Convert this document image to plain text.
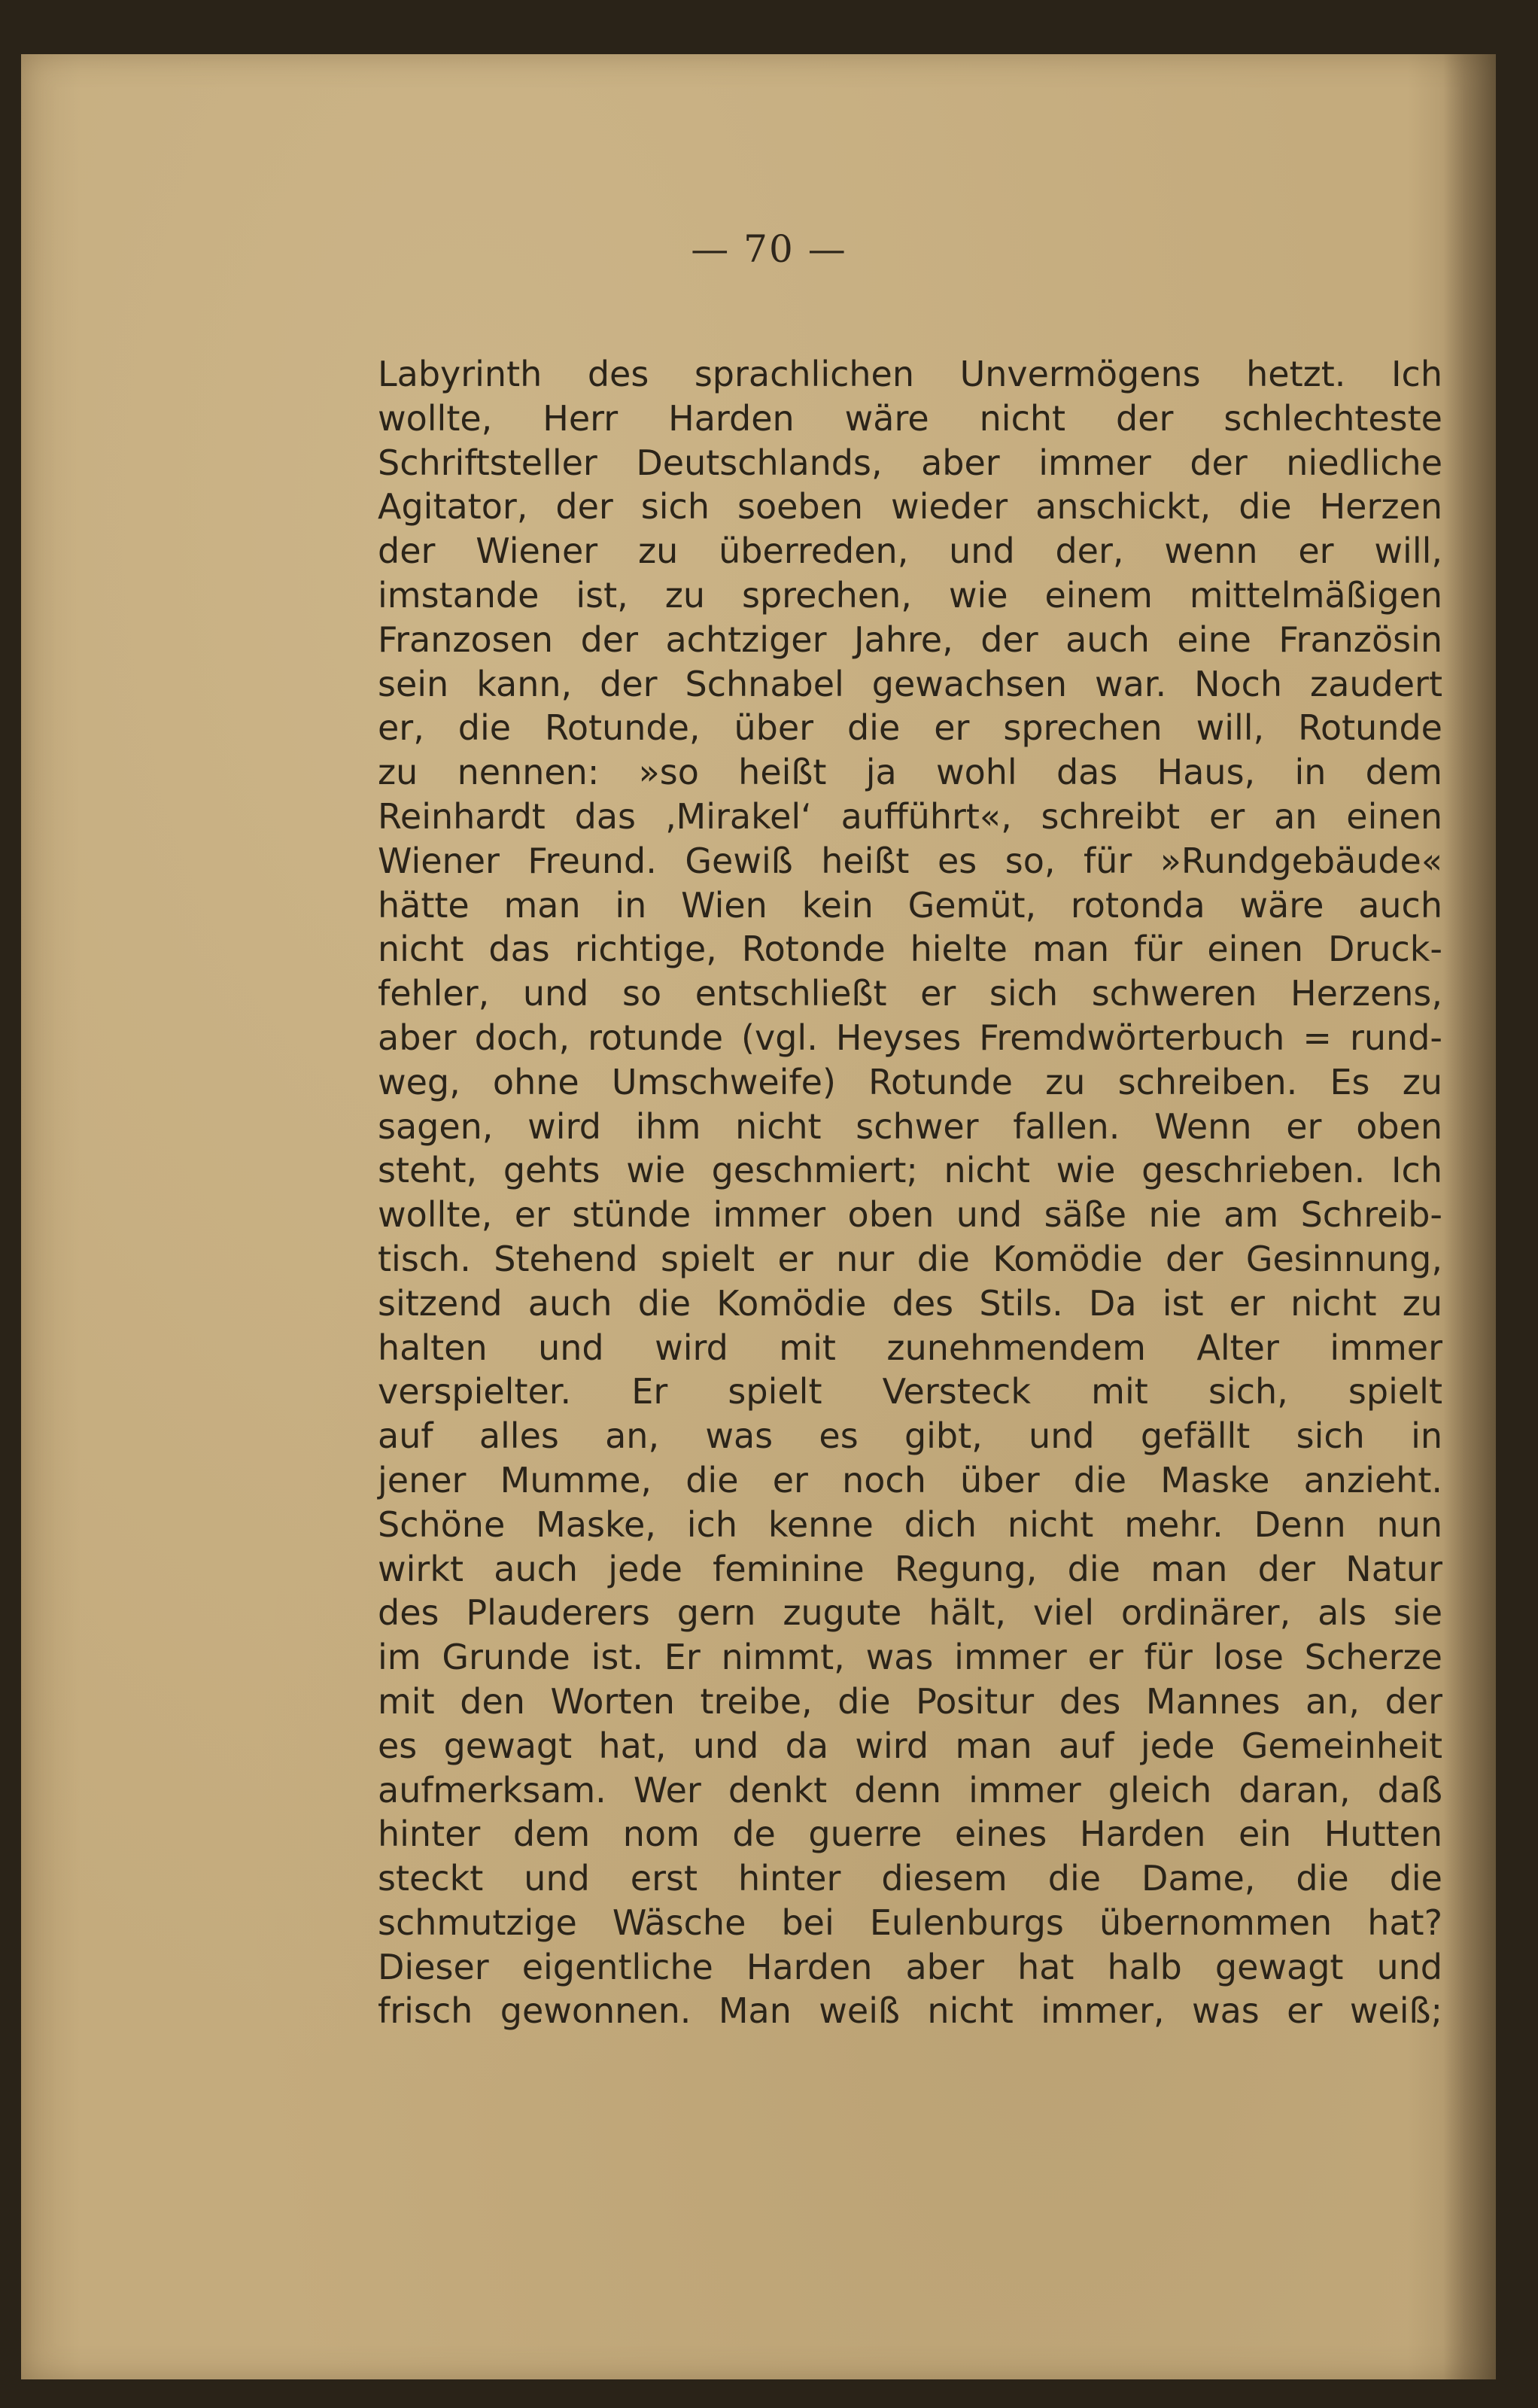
— 70 —
Labyrinth des sprachlichen Unvermögens hetzt. Ich
wollte, Herr Harden wäre nicht der schlechteste
Schriftsteller Deutschlands, aber immer der niedliche
Agitator, der sich soeben wieder anschickt, die Herzen
der Wiener zu überreden, und der, wenn er will,
imstande ist, zu sprechen, wie einem mittelmäßigen
Franzosen der achtziger Jahre, der auch eine Französin
sein kann, der Schnabel gewachsen war. Noch zaudert
er, die Rotunde, über die er sprechen will, Rotunde
zu nennen: »so heißt ja wohl das Haus, in dem
Reinhardt das ‚Mirakel‘ aufführt«, schreibt er an einen
Wiener Freund. Gewiß heißt es so, für »Rundgebäude«
hätte man in Wien kein Gemüt, rotonda wäre auch
nicht das richtige, Rotonde hielte man für einen Druck-
fehler, und so entschließt er sich schweren Herzens,
aber doch, rotunde (vgl. Heyses Fremdwörterbuch = rund-
weg, ohne Umschweife) Rotunde zu schreiben. Es zu
sagen, wird ihm nicht schwer fallen. Wenn er oben
steht, gehts wie geschmiert; nicht wie geschrieben. Ich
wollte, er stünde immer oben und säße nie am Schreib-
tisch. Stehend spielt er nur die Komödie der Gesinnung,
sitzend auch die Komödie des Stils. Da ist er nicht zu
halten und wird mit zunehmendem Alter immer
verspielter. Er spielt Versteck mit sich, spielt
auf alles an, was es gibt, und gefällt sich in
jener Mumme, die er noch über die Maske anzieht.
Schöne Maske, ich kenne dich nicht mehr. Denn nun
wirkt auch jede feminine Regung, die man der Natur
des Plauderers gern zugute hält, viel ordinärer, als sie
im Grunde ist. Er nimmt, was immer er für lose Scherze
mit den Worten treibe, die Positur des Mannes an, der
es gewagt hat, und da wird man auf jede Gemeinheit
aufmerksam. Wer denkt denn immer gleich daran, daß
hinter dem nom de guerre eines Harden ein Hutten
steckt und erst hinter diesem die Dame, die die
schmutzige Wäsche bei Eulenburgs übernommen hat?
Dieser eigentliche Harden aber hat halb gewagt und
frisch gewonnen. Man weiß nicht immer, was er weiß;
